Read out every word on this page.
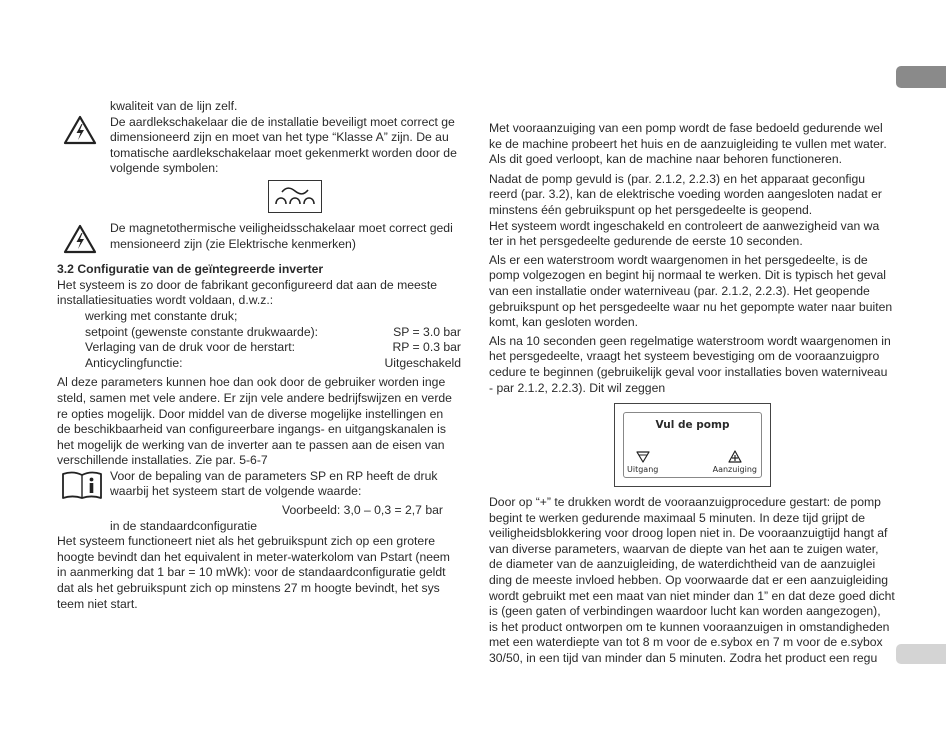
kwaliteit van de lijn zelf.

De aardlekschakelaar die de installatie beveiligt moet correct ge

dimensioneerd zijn en moet van het type “Klasse A” zijn. De au

tomatische aardlekschakelaar moet gekenmerkt worden door de

volgende symbolen:

De magnetothermische veiligheidsschakelaar moet correct gedi

mensioneerd zijn (zie Elektrische kenmerken)

3.2 Configuratie van de geïntegreerde inverter

Het systeem is zo door de fabrikant geconfigureerd dat aan de meeste

installatiesituaties wordt voldaan, d.w.z.:

werking met constante druk;

setpoint (gewenste constante drukwaarde):	SP = 3.0 bar
Verlaging van de druk voor de herstart:	RP = 0.3 bar
Anticyclingfunctie:	Uitgeschakeld

Al deze parameters kunnen hoe dan ook door de gebruiker worden inge

steld, samen met vele andere. Er zijn vele andere bedrijfswijzen en verde

re opties mogelijk. Door middel van de diverse mogelijke instellingen en

de beschikbaarheid van configureerbare ingangs- en uitgangskanalen is

het mogelijk de werking van de inverter aan te passen aan de eisen van

verschillende installaties. Zie par. 5-6-7

Voor de bepaling van de parameters SP en RP heeft de druk

waarbij het systeem start de volgende waarde:

Voorbeeld: 3,0 – 0,3 = 2,7 bar

in de standaardconfiguratie

Het systeem functioneert niet als het gebruikspunt zich op een grotere

hoogte bevindt dan het equivalent in meter-waterkolom van Pstart (neem

in aanmerking dat 1 bar = 10 mWk): voor de standaardconfiguratie geldt

dat als het gebruikspunt zich op minstens 27 m hoogte bevindt, het sys

teem niet start.

Met vooraanzuiging van een pomp wordt de fase bedoeld gedurende wel

ke de machine probeert het huis en de aanzuigleiding te vullen met water.

Als dit goed verloopt, kan de machine naar behoren functioneren.

Nadat de pomp gevuld is (par. 2.1.2, 2.2.3) en het apparaat geconfigu

reerd (par. 3.2), kan de elektrische voeding worden aangesloten nadat er

minstens één gebruikspunt op het persgedeelte is geopend.

Het systeem wordt ingeschakeld en controleert de aanwezigheid van wa

ter in het persgedeelte gedurende de eerste 10 seconden.

Als er een waterstroom wordt waargenomen in het persgedeelte, is de

pomp volgezogen en begint hij normaal te werken. Dit is typisch het geval

van een installatie onder waterniveau (par. 2.1.2, 2.2.3). Het geopende

gebruikspunt op het persgedeelte waar nu het gepompte water naar buiten

komt, kan gesloten worden.

Als na 10 seconden geen regelmatige waterstroom wordt waargenomen in

het persgedeelte, vraagt het systeem bevestiging om de vooraanzuigpro

cedure te beginnen (gebruikelijk geval voor installaties boven waterniveau

- par 2.1.2, 2.2.3). Dit wil zeggen

Vul de pomp
Uitgang	Aanzuiging

Door op “+” te drukken wordt de vooraanzuigprocedure gestart: de pomp

begint te werken gedurende maximaal 5 minuten. In deze tijd grijpt de

veiligheidsblokkering voor droog lopen niet in. De vooraanzuigtijd hangt af

van diverse parameters, waarvan de diepte van het aan te zuigen water,

de diameter van de aanzuigleiding, de waterdichtheid van de aanzuiglei

ding de meeste invloed hebben. Op voorwaarde dat er een aanzuigleiding

wordt gebruikt met een maat van niet minder dan 1” en dat deze goed dicht

is (geen gaten of verbindingen waardoor lucht kan worden aangezogen),

is het product ontworpen om te kunnen vooraanzuigen in omstandigheden

met een waterdiepte van tot 8 m voor de e.sybox en 7 m voor de e.sybox

30/50, in een tijd van minder dan 5 minuten. Zodra het product een regu
